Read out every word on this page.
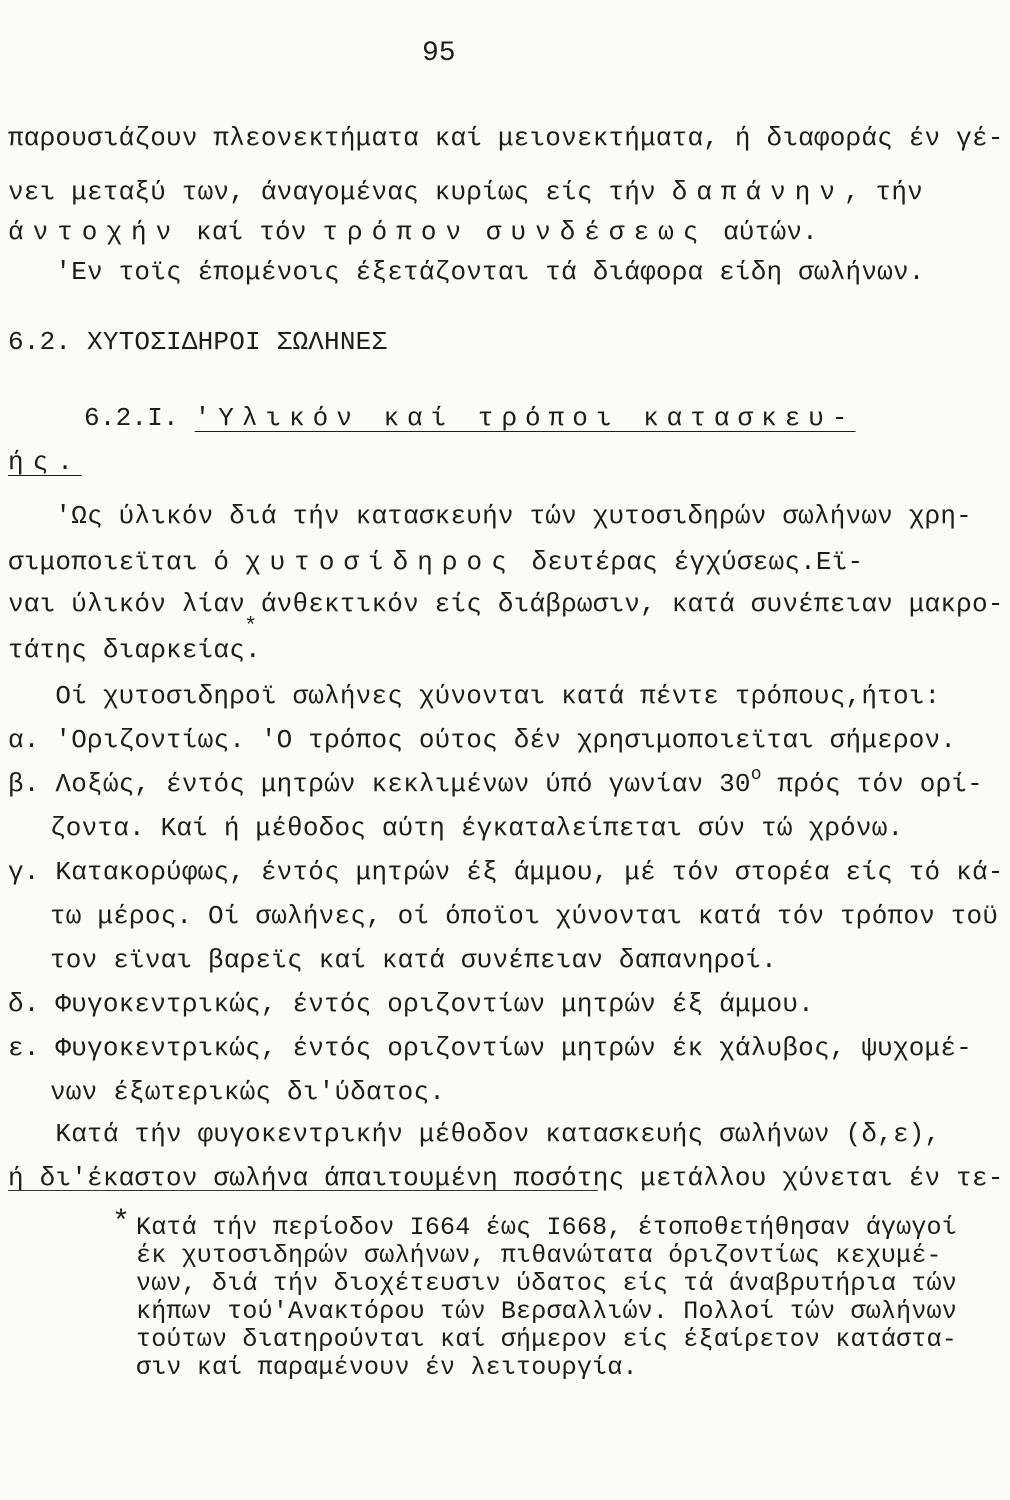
95
παρουσιάζουν πλεονεκτήματα καί μειονεκτήματα, ή διαφοράς έν γέ-
νει μεταξύ των, άναγομένας κυρίως είς τήν δαπάνην, τήν
άντοχήν καί τόν τρόπον συνδέσεως αύτών.
'Εν τοϊς έπομένοις έξετάζονται τά διάφορα είδη σωλήνων.
6.2. ΧΥΤΟΣΙΔΗΡΟΙ ΣΩΛΗΝΕΣ
6.2.Ι. 'Υλικόν καί τρόποι κατασκευ-
ής.
'Ως ύλικόν διά τήν κατασκευήν τών χυτοσιδηρών σωλήνων χρη-
σιμοποιεϊται ό χυτοσίδηρος δευτέρας έγχύσεως.Εϊ-
ναι ύλικόν λίαν άνθεκτικόν είς διάβρωσιν, κατά συνέπειαν μακρο-
τάτης διαρκείας.
*
Οί χυτοσιδηροϊ σωλήνες χύνονται κατά πέντε τρόπους,ήτοι:
α. 'Οριζοντίως. 'Ο τρόπος ούτος δέν χρησιμοποιεϊται σήμερον.
β. Λοξώς, έντός μητρών κεκλιμένων ύπό γωνίαν 30$^o$ πρός τόν ορί-
ζοντα. Καί ή μέθοδος αύτη έγκαταλείπεται σύν τώ χρόνω.
γ. Κατακορύφως, έντός μητρών έξ άμμου, μέ τόν στορέα είς τό κά-
τω μέρος. Οί σωλήνες, οί όποϊοι χύνονται κατά τόν τρόπον τοϋ
τον εϊναι βαρεϊς καί κατά συνέπειαν δαπανηροί.
δ. Φυγοκεντρικώς, έντός οριζοντίων μητρών έξ άμμου.
ε. Φυγοκεντρικώς, έντός οριζοντίων μητρών έκ χάλυβος, ψυχομέ-
νων έξωτερικώς δι'ύδατος.
Κατά τήν φυγοκεντρικήν μέθοδον κατασκευής σωλήνων (δ,ε),
ή δι'έκαστον σωλήνα άπαιτουμένη ποσότης μετάλλου χύνεται έν τε-
* Κατά τήν περίοδον Ι664 έως Ι668, έτοποθετήθησαν άγωγοί
έκ χυτοσιδηρών σωλήνων, πιθανώτατα όριζοντίως κεχυμέ-
νων, διά τήν διοχέτευσιν ύδατος είς τά άναβρυτήρια τών
κήπων τού'Ανακτόρου τών Βερσαλλιών. Πολλοί τών σωλήνων
τούτων διατηρούνται καί σήμερον είς έξαίρετον κατάστα-
σιν καί παραμένουν έν λειτουργία.
